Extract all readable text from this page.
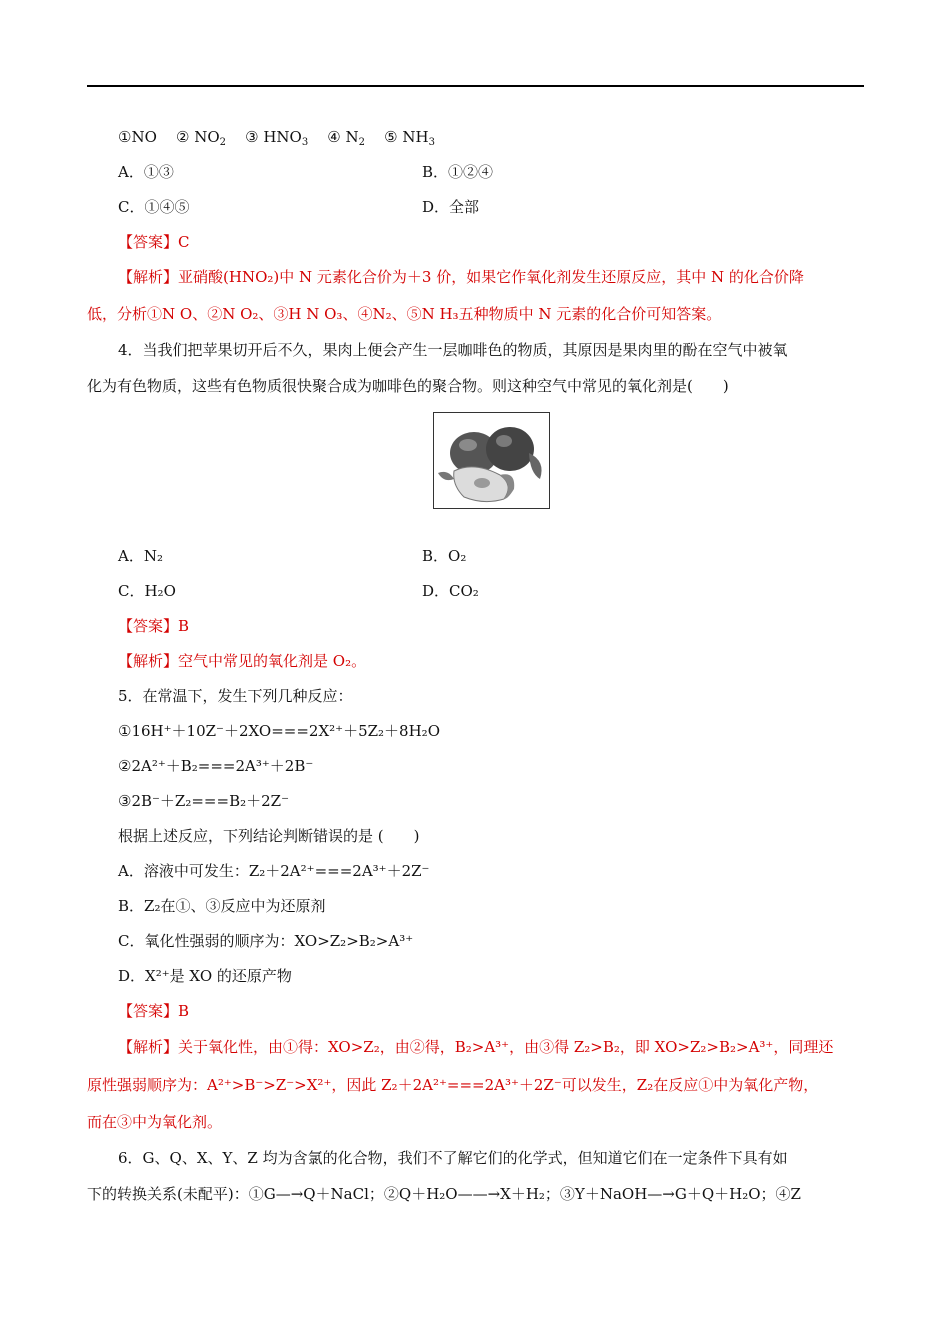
①NO ② $NO_2$ ③ $HNO_3$ ④ $N_2$ ⑤ $NH_3$
A．①③	B．①②④
C．①④⑤	D．全部
【答案】C
【解析】亚硝酸(HNO₂)中 N 元素化合价为＋3 价，如果它作氧化剂发生还原反应，其中 N 的化合价降
低，分析①N O、②N O₂、③H N O₃、④N₂、⑤N H₃五种物质中 N 元素的化合价可知答案。
4．当我们把苹果切开后不久，果肉上便会产生一层咖啡色的物质，其原因是果肉里的酚在空气中被氧
化为有色物质，这些有色物质很快聚合成为咖啡色的聚合物。则这种空气中常见的氧化剂是(　　)
A．N₂	B．O₂
C．H₂O	D．CO₂
【答案】B
【解析】空气中常见的氧化剂是 O₂。
5．在常温下，发生下列几种反应：
①16H⁺＋10Z⁻＋2XO===2X²⁺＋5Z₂＋8H₂O
②2A²⁺＋B₂===2A³⁺＋2B⁻
③2B⁻＋Z₂===B₂＋2Z⁻
根据上述反应，下列结论判断错误的是 (　　)
A．溶液中可发生：Z₂＋2A²⁺===2A³⁺＋2Z⁻
B．Z₂在①、③反应中为还原剂
C．氧化性强弱的顺序为：XO>Z₂>B₂>A³⁺
D．X²⁺是 XO 的还原产物
【答案】B
【解析】关于氧化性，由①得：XO>Z₂，由②得，B₂>A³⁺，由③得 Z₂>B₂，即 XO>Z₂>B₂>A³⁺，同理还
原性强弱顺序为：A²⁺>B⁻>Z⁻>X²⁺，因此 Z₂＋2A²⁺===2A³⁺＋2Z⁻可以发生，Z₂在反应①中为氧化产物，
而在③中为氧化剂。
6．G、Q、X、Y、Z 均为含氯的化合物，我们不了解它们的化学式，但知道它们在一定条件下具有如
下的转换关系(未配平)：①G—→Q＋NaCl；②Q＋H₂O——→X＋H₂；③Y＋NaOH—→G＋Q＋H₂O；④Z
